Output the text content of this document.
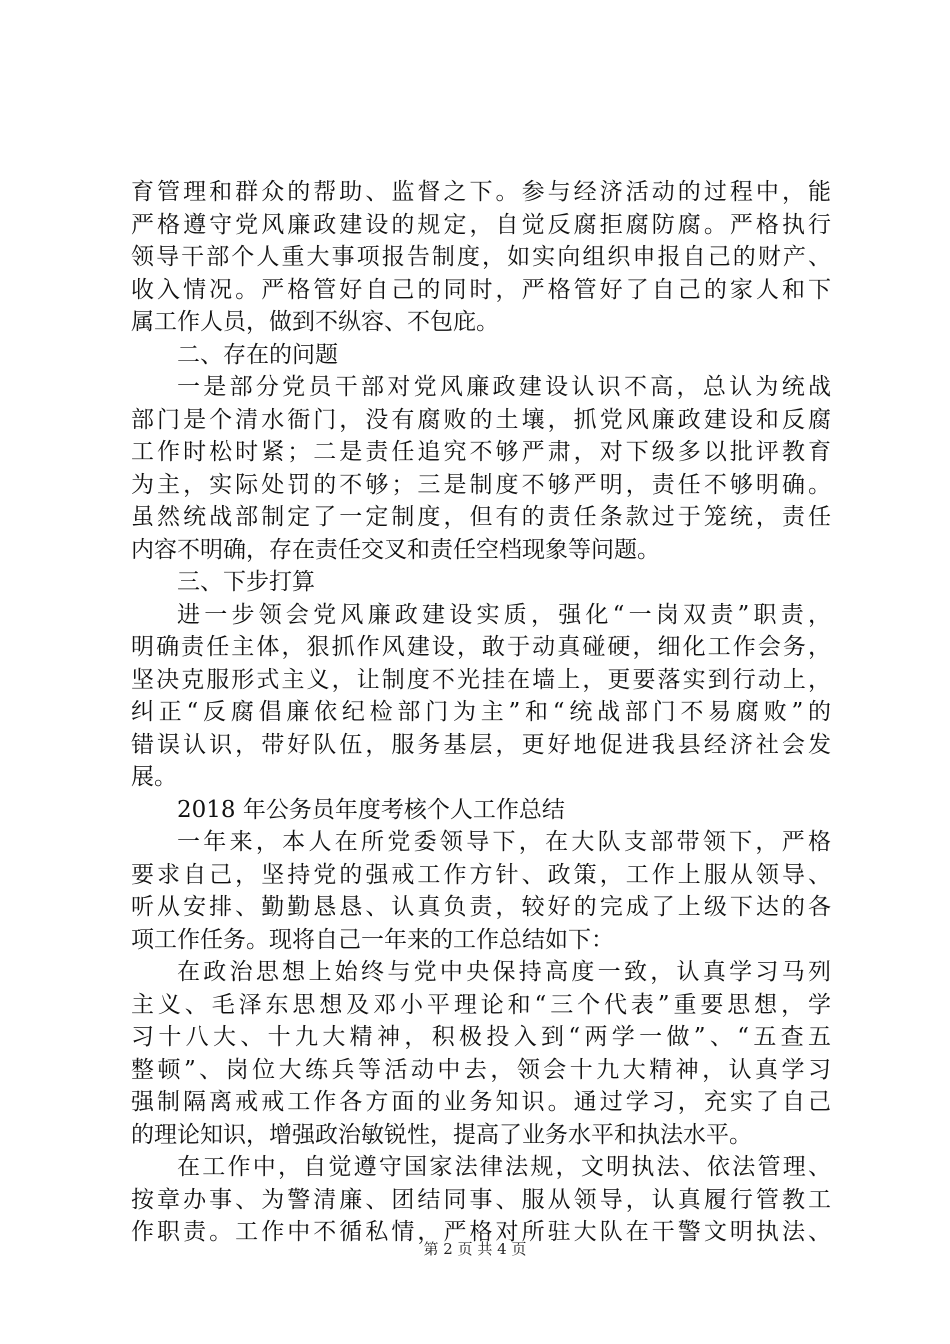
育管理和群众的帮助、监督之下。参与经济活动的过程中，能
严格遵守党风廉政建设的规定，自觉反腐拒腐防腐。严格执行
领导干部个人重大事项报告制度，如实向组织申报自己的财产、
收入情况。严格管好自己的同时，严格管好了自己的家人和下
属工作人员，做到不纵容、不包庇。
二、存在的问题
一是部分党员干部对党风廉政建设认识不高，总认为统战
部门是个清水衙门，没有腐败的土壤，抓党风廉政建设和反腐
工作时松时紧；二是责任追究不够严肃，对下级多以批评教育
为主，实际处罚的不够；三是制度不够严明，责任不够明确。
虽然统战部制定了一定制度，但有的责任条款过于笼统，责任
内容不明确，存在责任交叉和责任空档现象等问题。
三、下步打算
进一步领会党风廉政建设实质，强化“一岗双责”职责，
明确责任主体，狠抓作风建设，敢于动真碰硬，细化工作会务，
坚决克服形式主义，让制度不光挂在墙上，更要落实到行动上，
纠正“反腐倡廉依纪检部门为主”和“统战部门不易腐败”的
错误认识，带好队伍，服务基层，更好地促进我县经济社会发
展。
2018 年公务员年度考核个人工作总结
一年来，本人在所党委领导下，在大队支部带领下，严格
要求自己，坚持党的强戒工作方针、政策，工作上服从领导、
听从安排、勤勤恳恳、认真负责，较好的完成了上级下达的各
项工作任务。现将自己一年来的工作总结如下：
在政治思想上始终与党中央保持高度一致，认真学习马列
主义、毛泽东思想及邓小平理论和“三个代表”重要思想，学
习十八大、十九大精神，积极投入到“两学一做”、“五查五
整顿”、岗位大练兵等活动中去，领会十九大精神，认真学习
强制隔离戒戒工作各方面的业务知识。通过学习，充实了自己
的理论知识，增强政治敏锐性，提高了业务水平和执法水平。
在工作中，自觉遵守国家法律法规，文明执法、依法管理、
按章办事、为警清廉、团结同事、服从领导，认真履行管教工
作职责。工作中不循私情，严格对所驻大队在干警文明执法、
第 2 页 共 4 页
